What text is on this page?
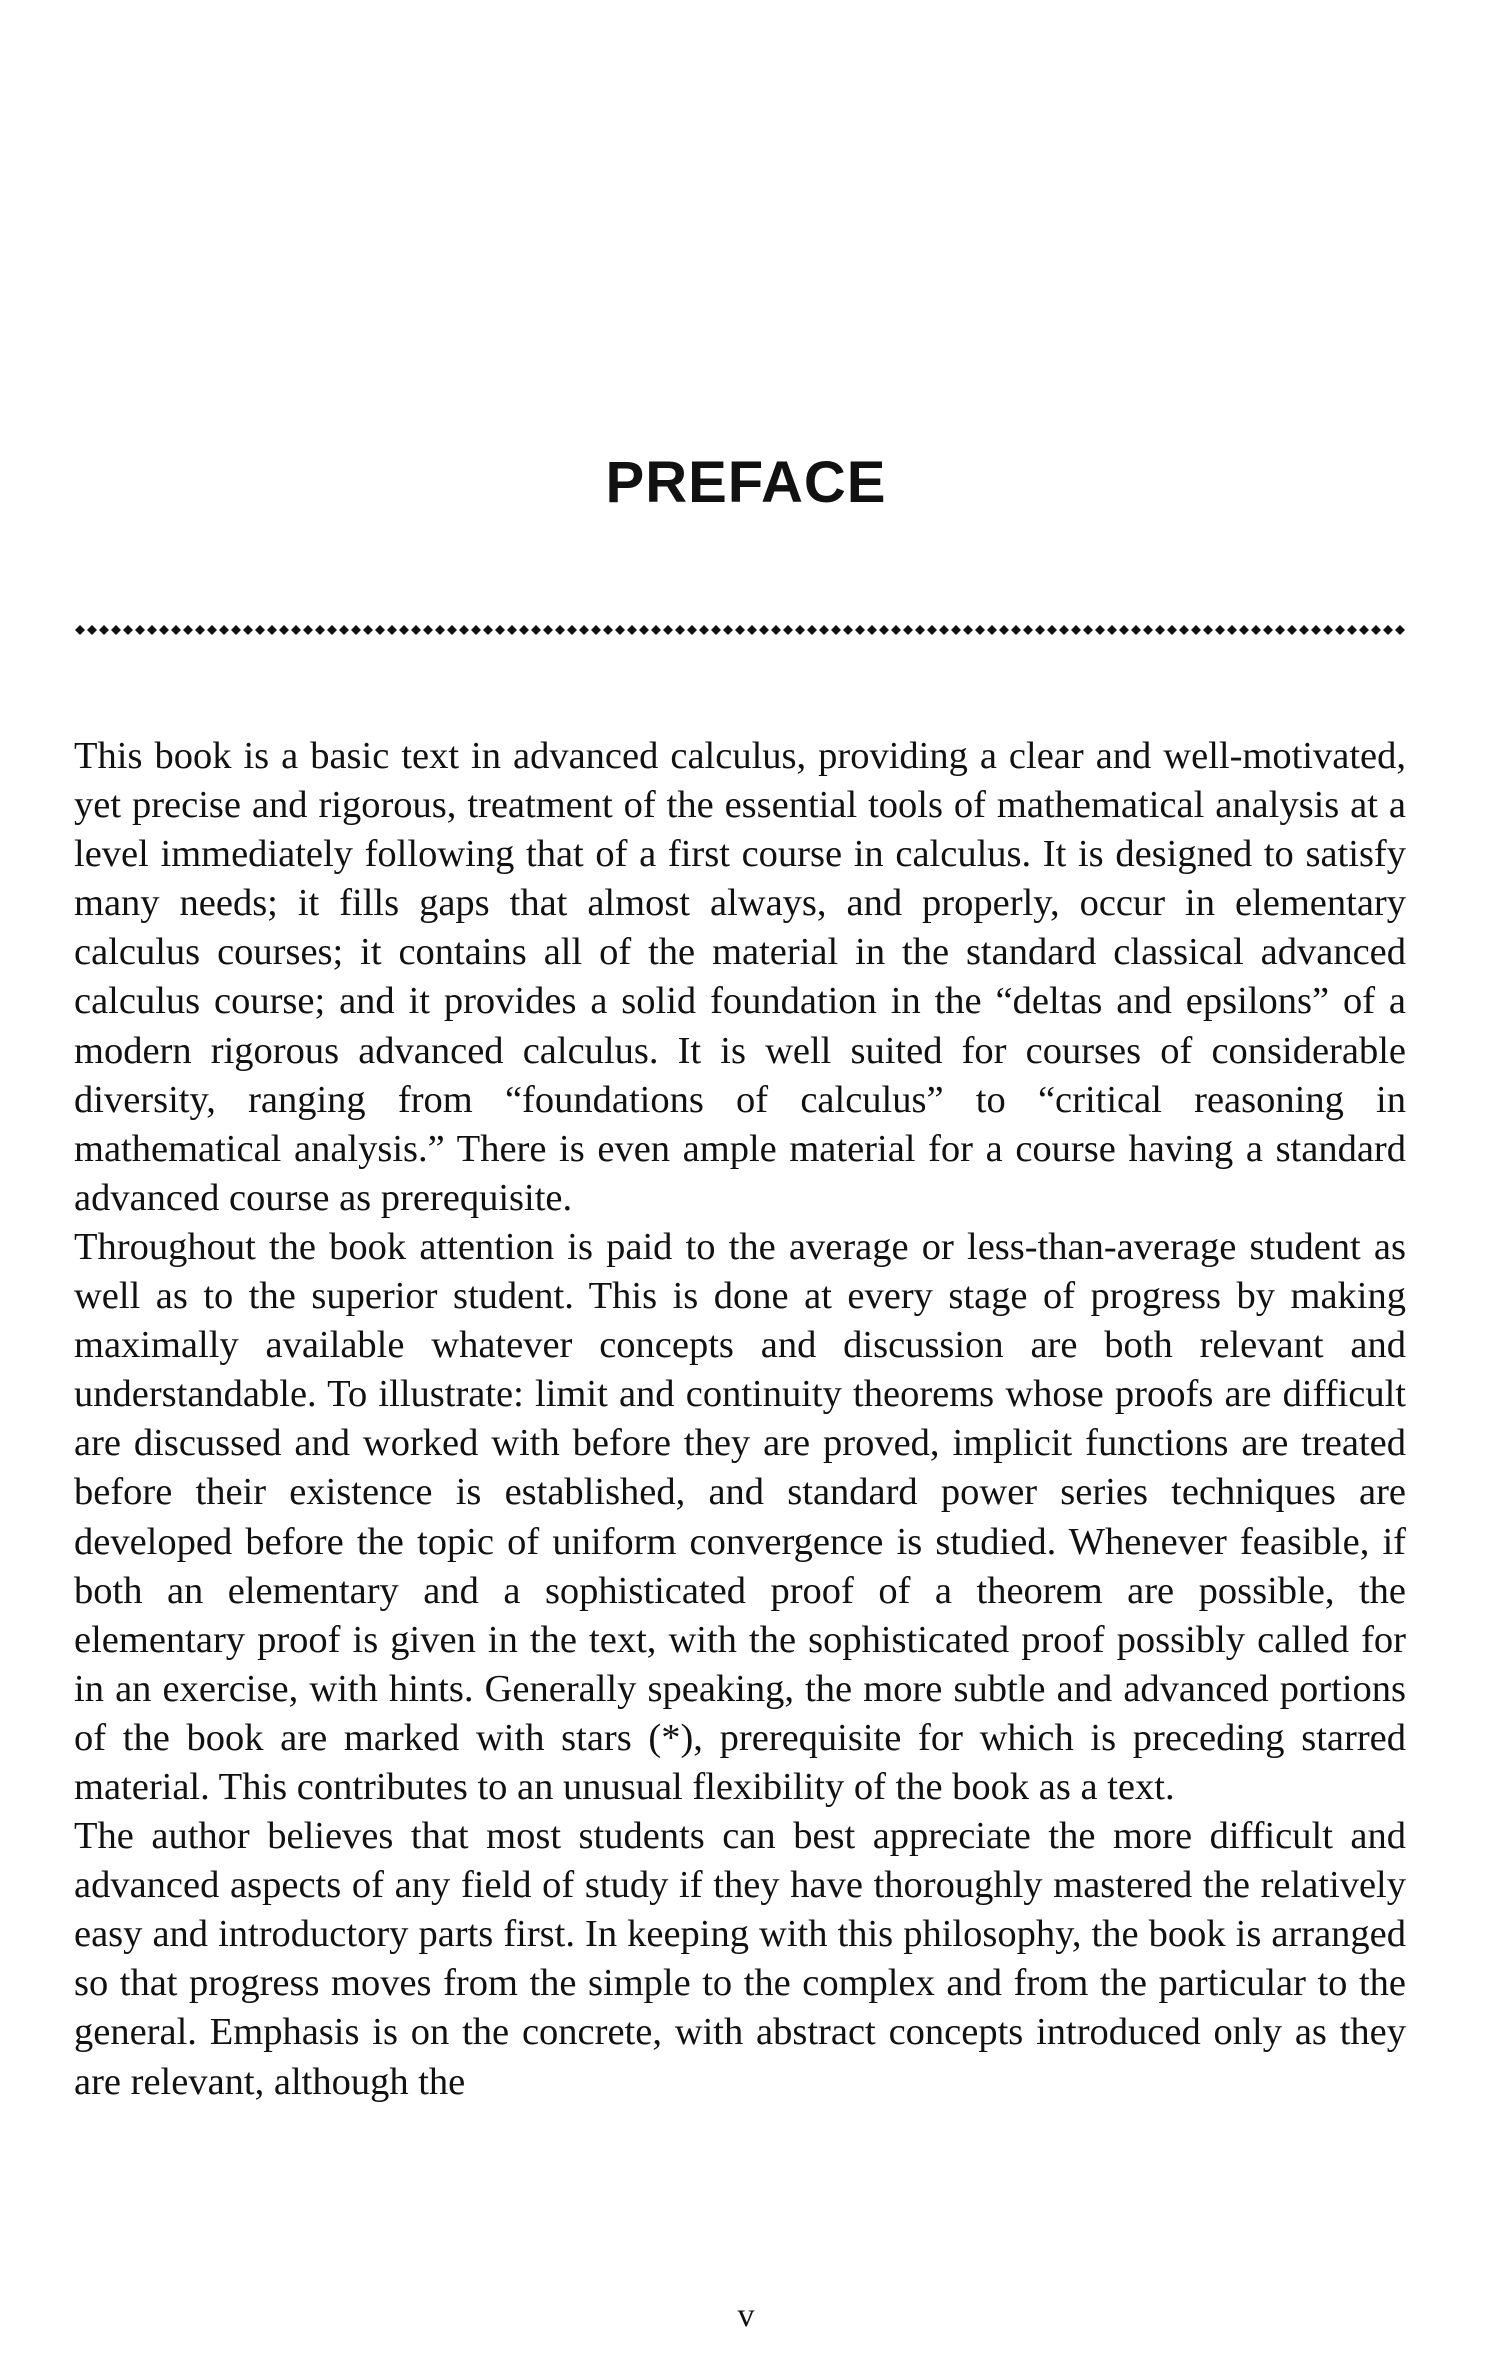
PREFACE

This book is a basic text in advanced calculus, providing a clear and well-motivated, yet precise and rigorous, treatment of the essential tools of mathematical analysis at a level immediately following that of a first course in calculus. It is designed to satisfy many needs; it fills gaps that almost always, and properly, occur in elementary calculus courses; it contains all of the material in the standard classical advanced calculus course; and it provides a solid foundation in the “deltas and epsilons” of a modern rigorous advanced calculus. It is well suited for courses of considerable diversity, ranging from “foundations of calculus” to “critical reasoning in mathematical analysis.” There is even ample material for a course having a standard advanced course as prerequisite.

Throughout the book attention is paid to the average or less-than-average student as well as to the superior student. This is done at every stage of progress by making maximally available whatever concepts and discussion are both relevant and understandable. To illustrate: limit and continuity theorems whose proofs are difficult are discussed and worked with before they are proved, implicit functions are treated before their existence is established, and standard power series techniques are developed before the topic of uniform convergence is studied. Whenever feasible, if both an elementary and a sophisticated proof of a theorem are possible, the elementary proof is given in the text, with the sophisticated proof possibly called for in an exercise, with hints. Generally speaking, the more subtle and advanced portions of the book are marked with stars (*), prerequisite for which is preceding starred material. This contributes to an unusual flexibility of the book as a text.

The author believes that most students can best appreciate the more difficult and advanced aspects of any field of study if they have thoroughly mastered the relatively easy and introductory parts first. In keeping with this philosophy, the book is arranged so that progress moves from the simple to the complex and from the particular to the general. Emphasis is on the concrete, with abstract concepts introduced only as they are relevant, although the

v
